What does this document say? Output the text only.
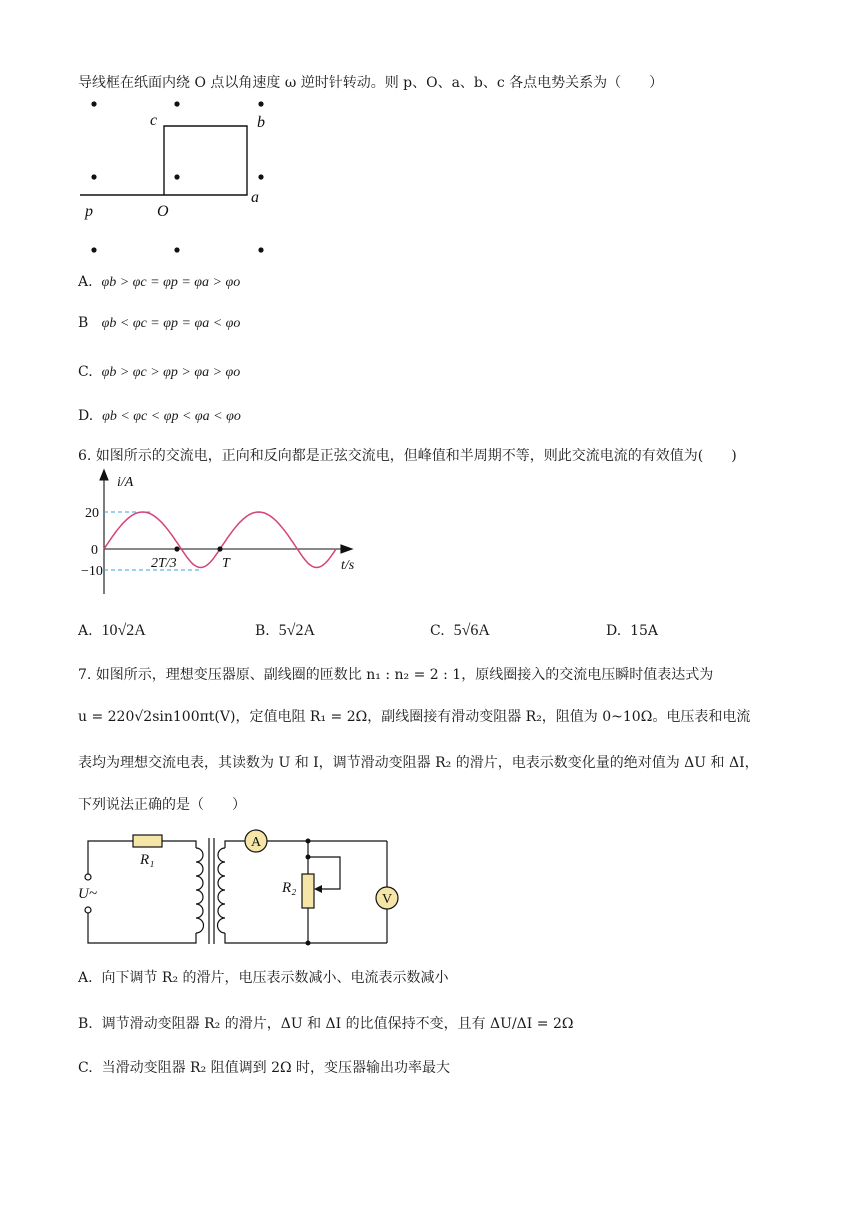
导线框在纸面内绕 O 点以角速度 ω 逆时针转动。则 p、O、a、b、c 各点电势关系为（　　）
c	b
a
p	O
A. φb > φc = φp = φa > φo
B φb < φc = φp = φa < φo
C. φb > φc > φp > φa > φo
D. φb < φc < φp < φa < φo
6. 如图所示的交流电，正向和反向都是正弦交流电，但峰值和半周期不等，则此交流电流的有效值为(　　)
i/A
20
0
−10
2T/3	T	t/s
A. 10√2A	B. 5√2A	C. 5√6A	D. 15A
7. 如图所示，理想变压器原、副线圈的匝数比 n₁ : n₂ = 2 : 1，原线圈接入的交流电压瞬时值表达式为
u = 220√2sin100πt(V)，定值电阻 R₁ = 2Ω，副线圈接有滑动变阻器 R₂，阻值为 0~10Ω。电压表和电流
表均为理想交流电表，其读数为 U 和 I，调节滑动变阻器 R₂ 的滑片，电表示数变化量的绝对值为 ΔU 和 ΔI，
下列说法正确的是（　　）
A
V
R₁
R₂
U~
A. 向下调节 R₂ 的滑片，电压表示数减小、电流表示数减小
B. 调节滑动变阻器 R₂ 的滑片，ΔU 和 ΔI 的比值保持不变，且有 ΔU/ΔI = 2Ω
C. 当滑动变阻器 R₂ 阻值调到 2Ω 时，变压器输出功率最大
